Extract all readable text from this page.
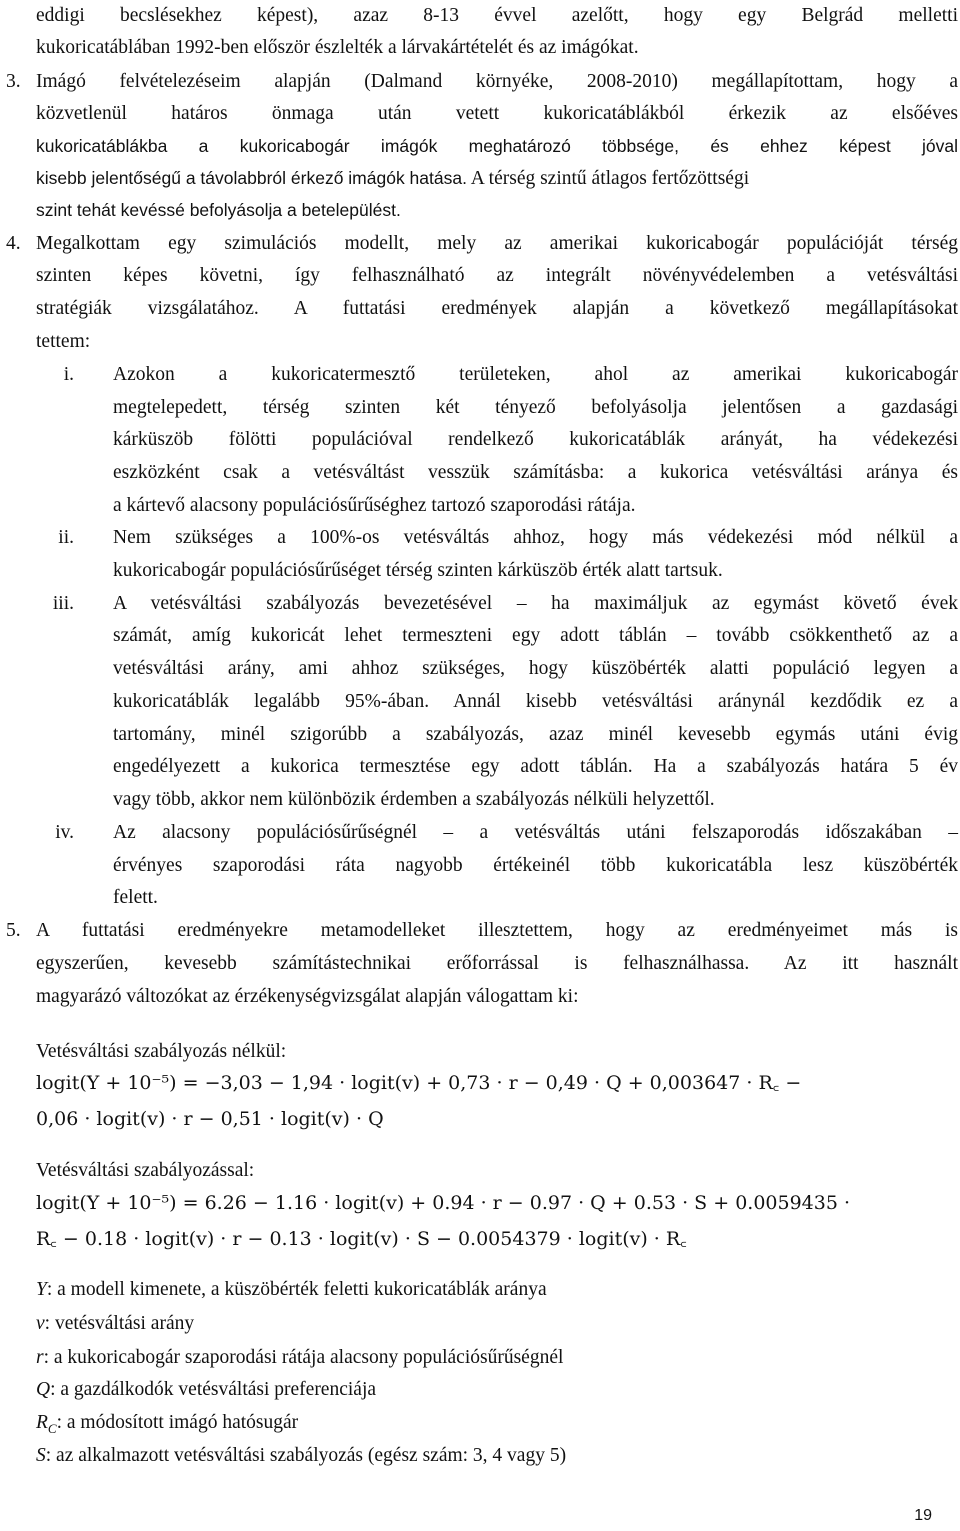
eddigi becslésekhez képest), azaz 8-13 évvel azelőtt, hogy egy Belgrád melletti
kukoricatáblában 1992-ben először észlelték a lárvakártételét és az imágókat.
3. Imágó felvételezéseim alapján (Dalmand környéke, 2008-2010) megállapítottam, hogy a
közvetlenül határos önmaga után vetett kukoricatáblákból érkezik az elsőéves
kukoricatáblákba a kukoricabogár imágók meghatározó többsége, és ehhez képest jóval
kisebb jelentőségű a távolabbról érkező imágók hatása. A térség szintű átlagos fertőzöttségi
szint tehát kevéssé befolyásolja a betelepülést.
4. Megalkottam egy szimulációs modellt, mely az amerikai kukoricabogár populációját térség
szinten képes követni, így felhasználható az integrált növényvédelemben a vetésváltási
stratégiák vizsgálatához. A futtatási eredmények alapján a következő megállapításokat
tettem:
i. Azokon a kukoricatermesztő területeken, ahol az amerikai kukoricabogár
megtelepedett, térség szinten két tényező befolyásolja jelentősen a gazdasági
kárküszöb fölötti populációval rendelkező kukoricatáblák arányát, ha védekezési
eszközként csak a vetésváltást vesszük számításba: a kukorica vetésváltási aránya és
a kártevő alacsony populációsűrűséghez tartozó szaporodási rátája.
ii. Nem szükséges a 100%-os vetésváltás ahhoz, hogy más védekezési mód nélkül a
kukoricabogár populációsűrűséget térség szinten kárküszöb érték alatt tartsuk.
iii. A vetésváltási szabályozás bevezetésével – ha maximáljuk az egymást követő évek
számát, amíg kukoricát lehet termeszteni egy adott táblán – tovább csökkenthető az a
vetésváltási arány, ami ahhoz szükséges, hogy küszöbérték alatti populáció legyen a
kukoricatáblák legalább 95%-ában. Annál kisebb vetésváltási aránynál kezdődik ez a
tartomány, minél szigorúbb a szabályozás, azaz minél kevesebb egymás utáni évig
engedélyezett a kukorica termesztése egy adott táblán. Ha a szabályozás határa 5 év
vagy több, akkor nem különbözik érdemben a szabályozás nélküli helyzettől.
iv. Az alacsony populációsűrűségnél – a vetésváltás utáni felszaporodás időszakában –
érvényes szaporodási ráta nagyobb értékeinél több kukoricatábla lesz küszöbérték
felett.
5. A futtatási eredményekre metamodelleket illesztettem, hogy az eredményeimet más is
egyszerűen, kevesebb számítástechnikai erőforrással is felhasználhassa. Az itt használt
magyarázó változókat az érzékenységvizsgálat alapján válogattam ki:
Vetésváltási szabályozás nélkül:
logit(Y + 10⁻⁵) = −3,03 − 1,94 · logit(v) + 0,73 · r − 0,49 · Q + 0,003647 · R꜀ −
0,06 · logit(v) · r − 0,51 · logit(v) · Q
Vetésváltási szabályozással:
logit(Y + 10⁻⁵) = 6.26 − 1.16 · logit(v) + 0.94 · r − 0.97 · Q + 0.53 · S + 0.0059435 ·
R꜀ − 0.18 · logit(v) · r − 0.13 · logit(v) · S − 0.0054379 · logit(v) · R꜀
Y: a modell kimenete, a küszöbérték feletti kukoricatáblák aránya
v: vetésváltási arány
r: a kukoricabogár szaporodási rátája alacsony populációsűrűségnél
Q: a gazdálkodók vetésváltási preferenciája
$R_C$: a módosított imágó hatósugár
S: az alkalmazott vetésváltási szabályozás (egész szám: 3, 4 vagy 5)
19
